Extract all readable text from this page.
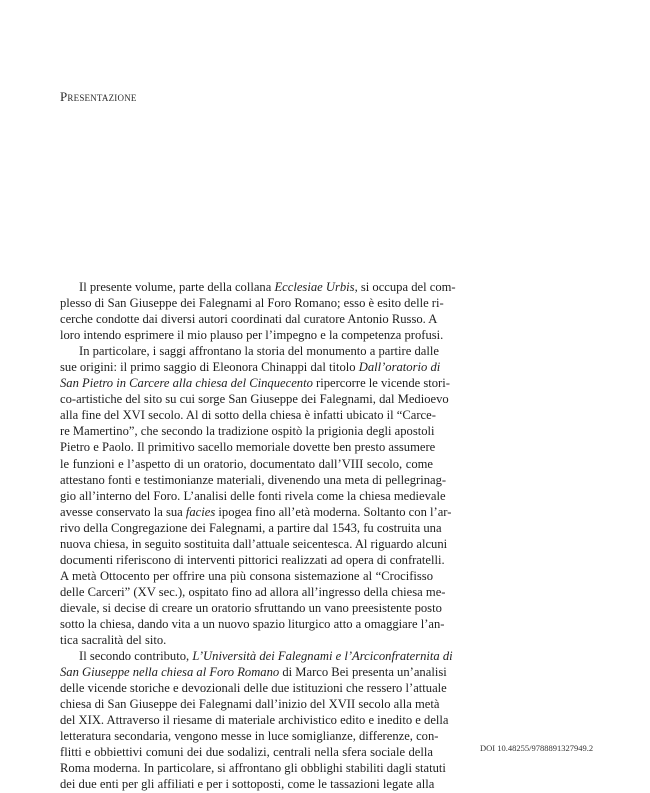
Presentazione
Il presente volume, parte della collana Ecclesiae Urbis, si occupa del com-
plesso di San Giuseppe dei Falegnami al Foro Romano; esso è esito delle ri-
cerche condotte dai diversi autori coordinati dal curatore Antonio Russo. A
loro intendo esprimere il mio plauso per l’impegno e la competenza profusi.
In particolare, i saggi affrontano la storia del monumento a partire dalle
sue origini: il primo saggio di Eleonora Chinappi dal titolo Dall’oratorio di
San Pietro in Carcere alla chiesa del Cinquecento ripercorre le vicende stori-
co-artistiche del sito su cui sorge San Giuseppe dei Falegnami, dal Medioevo
alla fine del XVI secolo. Al di sotto della chiesa è infatti ubicato il “Carce-
re Mamertino”, che secondo la tradizione ospitò la prigionia degli apostoli
Pietro e Paolo. Il primitivo sacello memoriale dovette ben presto assumere
le funzioni e l’aspetto di un oratorio, documentato dall’VIII secolo, come
attestano fonti e testimonianze materiali, divenendo una meta di pellegrinag-
gio all’interno del Foro. L’analisi delle fonti rivela come la chiesa medievale
avesse conservato la sua facies ipogea fino all’età moderna. Soltanto con l’ar-
rivo della Congregazione dei Falegnami, a partire dal 1543, fu costruita una
nuova chiesa, in seguito sostituita dall’attuale seicentesca. Al riguardo alcuni
documenti riferiscono di interventi pittorici realizzati ad opera di confratelli.
A metà Ottocento per offrire una più consona sistemazione al “Crocifisso
delle Carceri” (XV sec.), ospitato fino ad allora all’ingresso della chiesa me-
dievale, si decise di creare un oratorio sfruttando un vano preesistente posto
sotto la chiesa, dando vita a un nuovo spazio liturgico atto a omaggiare l’an-
tica sacralità del sito.
Il secondo contributo, L’Università dei Falegnami e l’Arciconfraternita di
San Giuseppe nella chiesa al Foro Romano di Marco Bei presenta un’analisi
delle vicende storiche e devozionali delle due istituzioni che ressero l’attuale
chiesa di San Giuseppe dei Falegnami dall’inizio del XVII secolo alla metà
del XIX. Attraverso il riesame di materiale archivistico edito e inedito e della
letteratura secondaria, vengono messe in luce somiglianze, differenze, con-
flitti e obbiettivi comuni dei due sodalizi, centrali nella sfera sociale della
Roma moderna. In particolare, si affrontano gli obblighi stabiliti dagli statuti
dei due enti per gli affiliati e per i sottoposti, come le tassazioni legate alla
DOI 10.48255/9788891327949.2
